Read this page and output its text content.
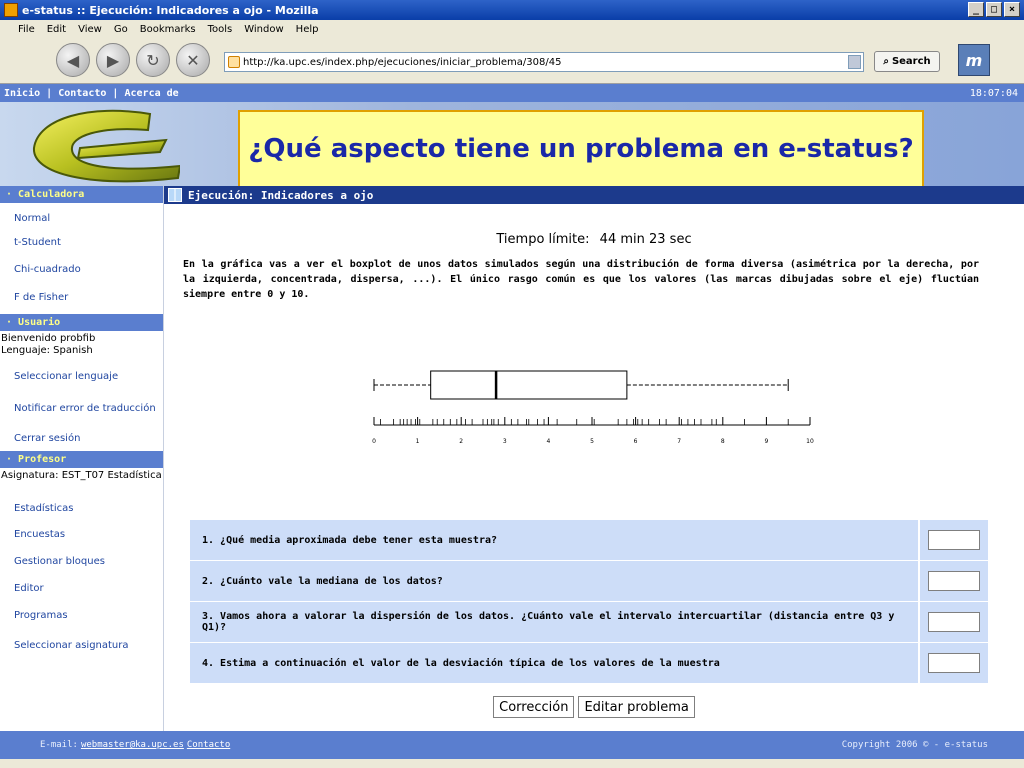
e-status :: Ejecución: Indicadores a ojo - Mozilla	_	□	×
File Edit View Go Bookmarks Tools Window Help
◀	▶	↻	✕	http://ka.upc.es/index.php/ejecuciones/iniciar_problema/308/45	⌕ Search	m
Inicio
|
Contacto
|
Acerca de	18:07:04
¿Qué aspecto tiene un problema en e-status?
· Calculadora
Normal
t-Student
Chi-cuadrado
F de Fisher
· Usuario
Bienvenido probfib
Lenguaje: Spanish
Seleccionar lenguaje
Notificar error de traducción
Cerrar sesión
· Profesor
Asignatura: EST_T07 Estadística
Estadísticas
Encuestas
Gestionar bloques
Editor
Programas
Seleccionar asignatura
Ejecución: Indicadores a ojo
Tiempo límite: 44 min 23 sec
En la gráfica vas a ver el boxplot de unos datos simulados según una distribución de forma diversa (asimétrica por la derecha, por la izquierda, concentrada, dispersa, ...). El único rasgo común es que los valores (las marcas dibujadas sobre el eje) fluctúan siempre entre 0 y 10.
0	1	2	3	4	5	6	7	8	9	10
1. ¿Qué media aproximada debe tener esta muestra?
2. ¿Cuánto vale la mediana de los datos?
3. Vamos ahora a valorar la dispersión de los datos. ¿Cuánto vale el intervalo intercuartilar (distancia entre Q3 y Q1)?
4. Estima a continuación el valor de la desviación típica de los valores de la muestra
Corrección	Editar problema
E-mail: webmaster@ka.upc.es Contacto	Copyright 2006 © - e-status
